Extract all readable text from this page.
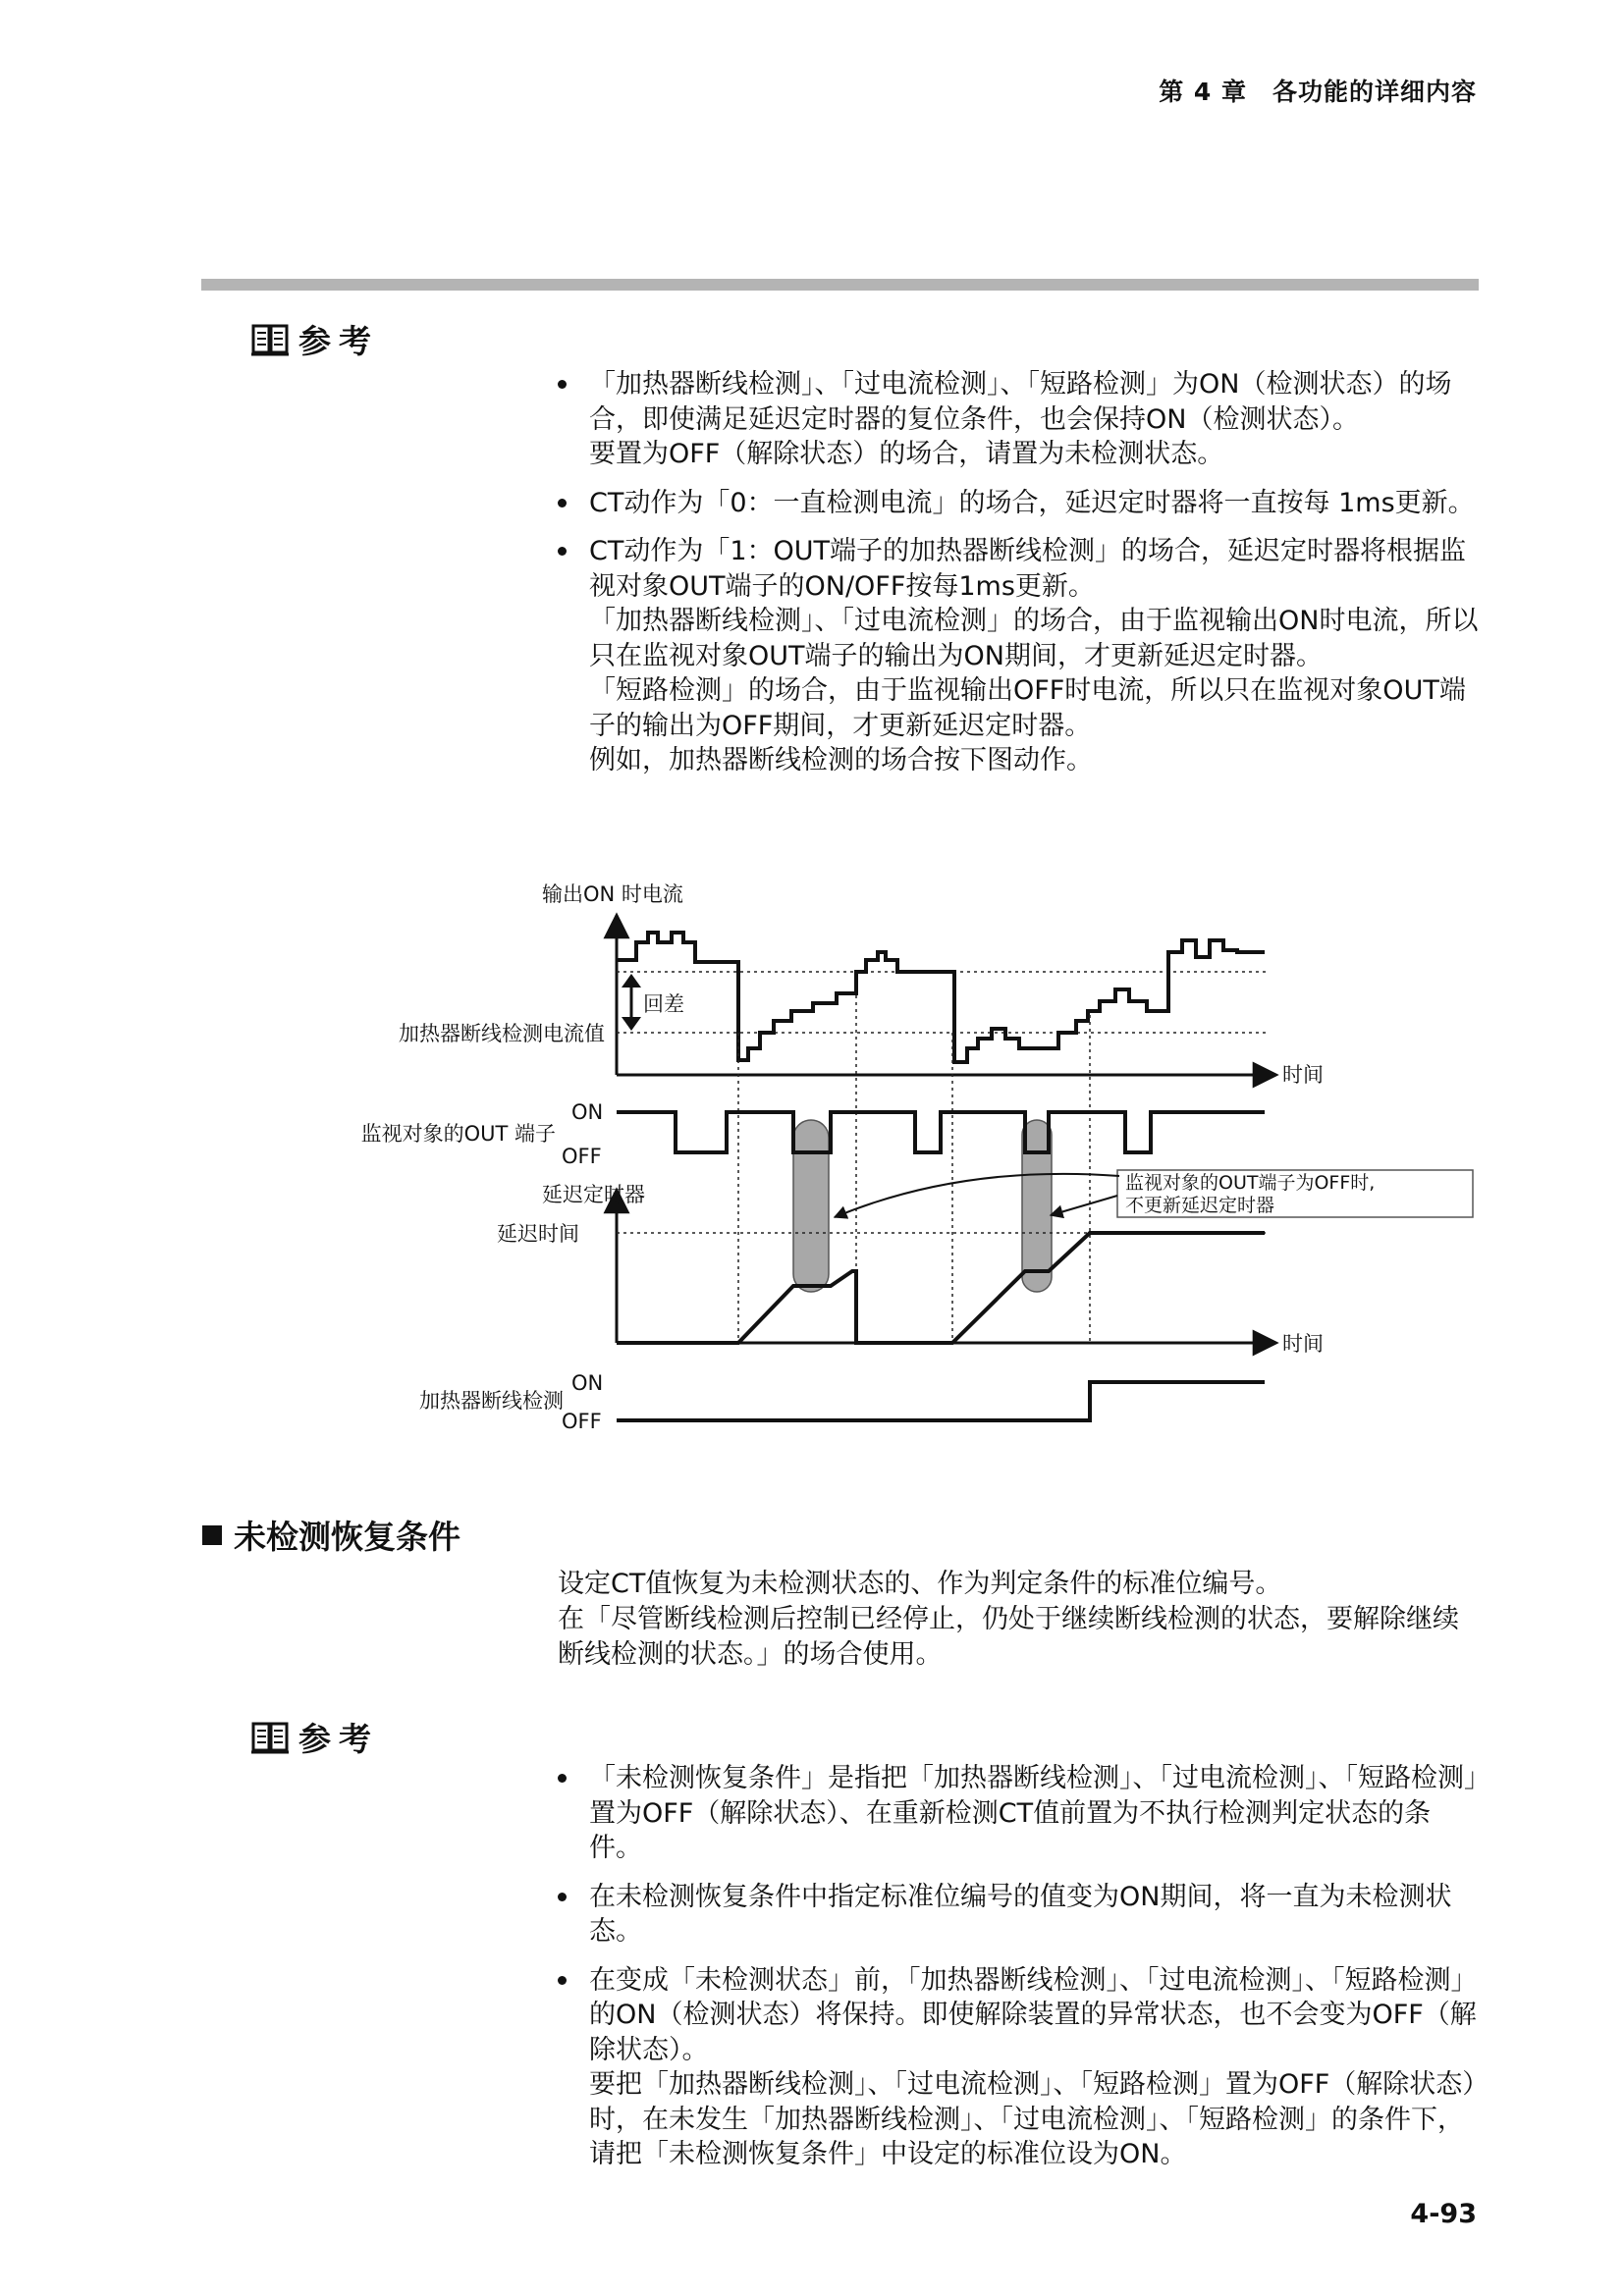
第 4 章　各功能的详细内容
参考

「加热器断线检测」、「过电流检测」、「短路检测」为ON（检测状态）的场合，即使满足延迟定时器的复位条件，也会保持ON（检测状态）。

要置为OFF（解除状态）的场合，请置为未检测状态。

CT动作为「0：一直检测电流」的场合，延迟定时器将一直按每 1ms更新。

CT动作为「1：OUT端子的加热器断线检测」的场合，延迟定时器将根据监视对象OUT端子的ON/OFF按每1ms更新。

「加热器断线检测」、「过电流检测」的场合，由于监视输出ON时电流，所以只在监视对象OUT端子的输出为ON期间，才更新延迟定时器。

「短路检测」的场合，由于监视输出OFF时电流，所以只在监视对象OUT端子的输出为OFF期间，才更新延迟定时器。

例如，加热器断线检测的场合按下图动作。

输出ON 时电流
回差
加热器断线检测电流值
时间
监视对象的OUT 端子
ON
OFF
延迟定时器
延迟时间
监视对象的OUT端子为OFF时,
不更新延迟定时器
时间
加热器断线检测
ON
OFF
未检测恢复条件

设定CT值恢复为未检测状态的、作为判定条件的标准位编号。

在「尽管断线检测后控制已经停止，仍处于继续断线检测的状态，要解除继续断线检测的状态。」的场合使用。

参考

「未检测恢复条件」是指把「加热器断线检测」、「过电流检测」、「短路检测」置为OFF（解除状态）、在重新检测CT值前置为不执行检测判定状态的条件。

在未检测恢复条件中指定标准位编号的值变为ON期间，将一直为未检测状态。

在变成「未检测状态」前，「加热器断线检测」、「过电流检测」、「短路检测」的ON（检测状态）将保持。即使解除装置的异常状态，也不会变为OFF（解除状态）。

要把「加热器断线检测」、「过电流检测」、「短路检测」置为OFF（解除状态）时，在未发生「加热器断线检测」、「过电流检测」、「短路检测」的条件下，请把「未检测恢复条件」中设定的标准位设为ON。

4-93
